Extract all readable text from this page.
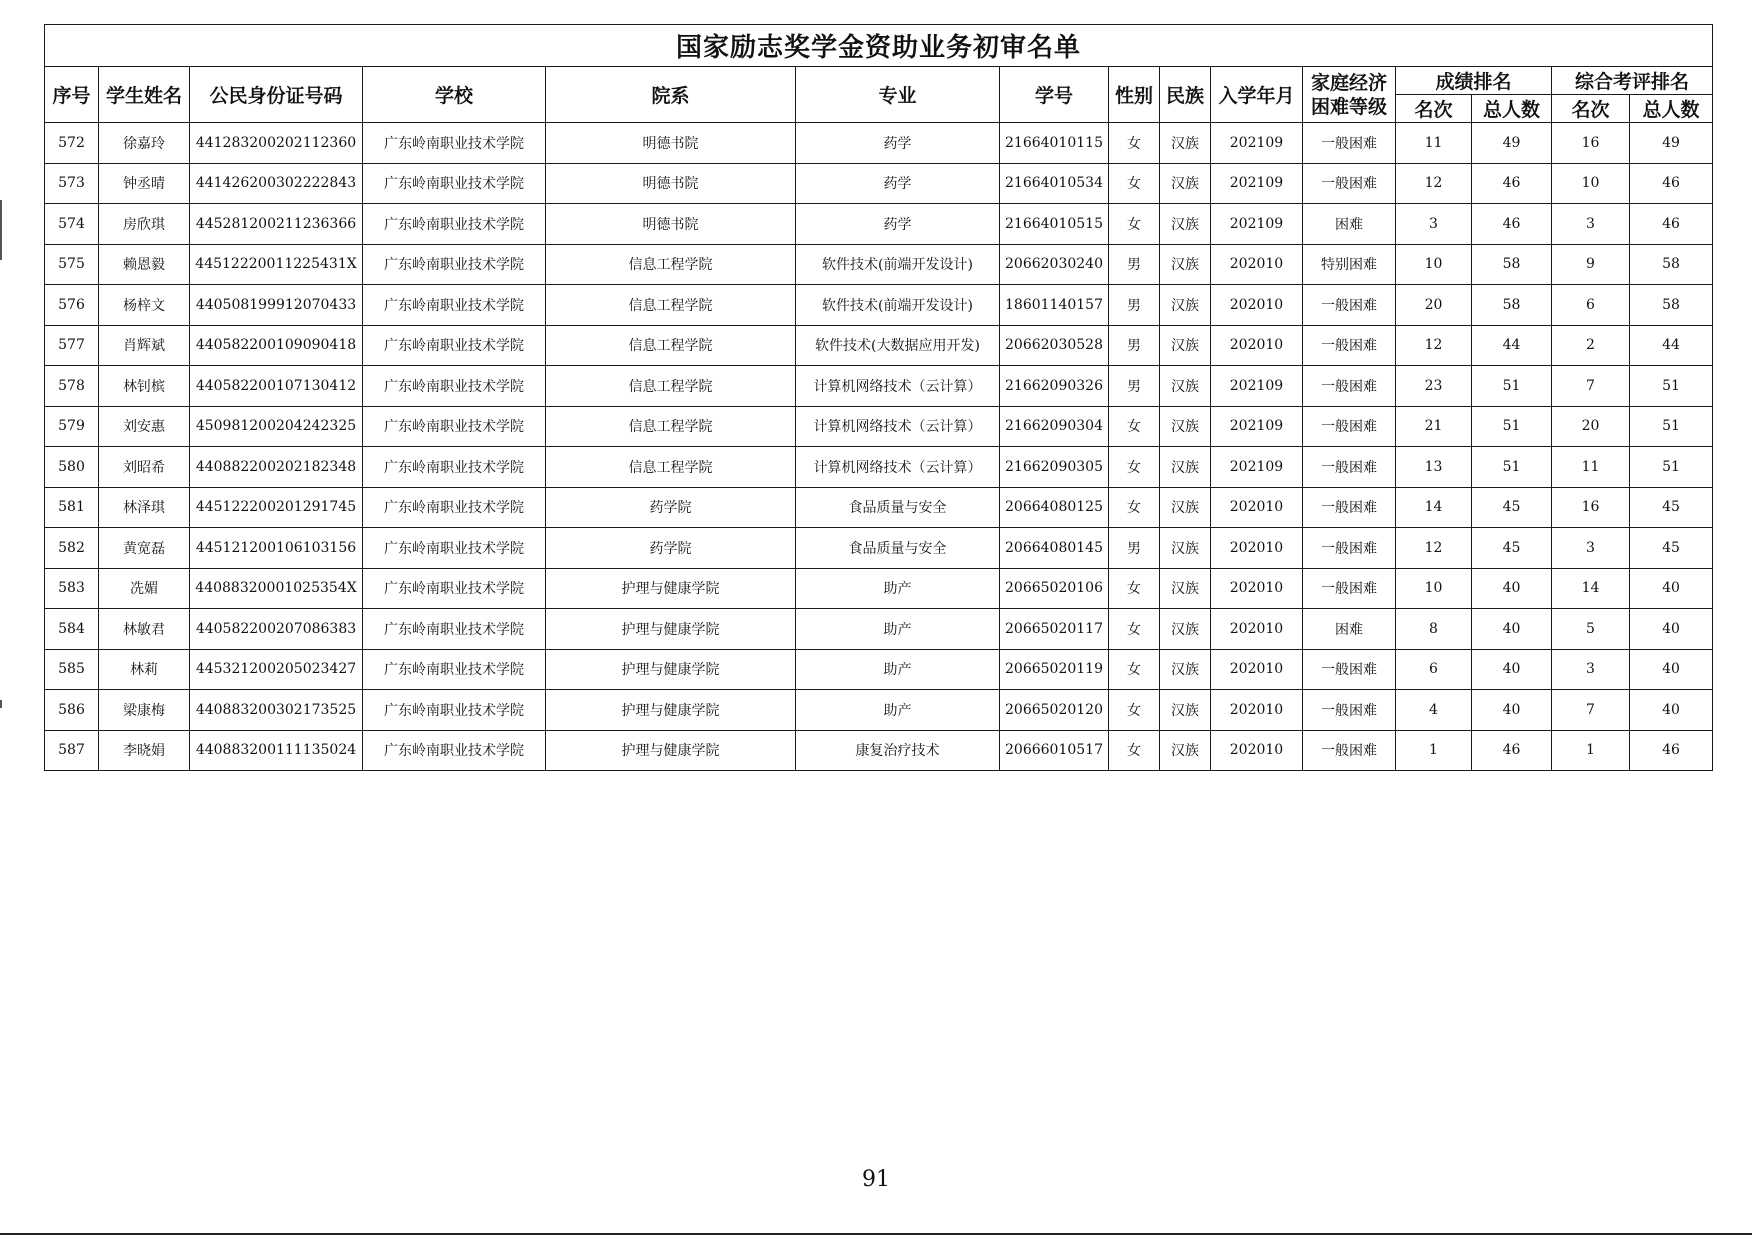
国家励志奖学金资助业务初审名单														
序号	学生姓名	公民身份证号码	学校	院系	专业	学号	性别	民族	入学年月	家庭经济困难等级	成绩排名		综合考评排名	
											名次	总人数	名次	总人数
572	徐嘉玲	441283200202112360	广东岭南职业技术学院	明德书院	药学	21664010115	女	汉族	202109	一般困难	11	49	16	49
573	钟丞晴	441426200302222843	广东岭南职业技术学院	明德书院	药学	21664010534	女	汉族	202109	一般困难	12	46	10	46
574	房欣琪	445281200211236366	广东岭南职业技术学院	明德书院	药学	21664010515	女	汉族	202109	困难	3	46	3	46
575	赖恩毅	44512220011225431X	广东岭南职业技术学院	信息工程学院	软件技术(前端开发设计)	20662030240	男	汉族	202010	特别困难	10	58	9	58
576	杨梓文	440508199912070433	广东岭南职业技术学院	信息工程学院	软件技术(前端开发设计)	18601140157	男	汉族	202010	一般困难	20	58	6	58
577	肖辉斌	440582200109090418	广东岭南职业技术学院	信息工程学院	软件技术(大数据应用开发)	20662030528	男	汉族	202010	一般困难	12	44	2	44
578	林钊槟	440582200107130412	广东岭南职业技术学院	信息工程学院	计算机网络技术（云计算）	21662090326	男	汉族	202109	一般困难	23	51	7	51
579	刘安惠	450981200204242325	广东岭南职业技术学院	信息工程学院	计算机网络技术（云计算）	21662090304	女	汉族	202109	一般困难	21	51	20	51
580	刘昭希	440882200202182348	广东岭南职业技术学院	信息工程学院	计算机网络技术（云计算）	21662090305	女	汉族	202109	一般困难	13	51	11	51
581	林泽琪	445122200201291745	广东岭南职业技术学院	药学院	食品质量与安全	20664080125	女	汉族	202010	一般困难	14	45	16	45
582	黄宽磊	445121200106103156	广东岭南职业技术学院	药学院	食品质量与安全	20664080145	男	汉族	202010	一般困难	12	45	3	45
583	冼媚	44088320001025354X	广东岭南职业技术学院	护理与健康学院	助产	20665020106	女	汉族	202010	一般困难	10	40	14	40
584	林敏君	440582200207086383	广东岭南职业技术学院	护理与健康学院	助产	20665020117	女	汉族	202010	困难	8	40	5	40
585	林莉	445321200205023427	广东岭南职业技术学院	护理与健康学院	助产	20665020119	女	汉族	202010	一般困难	6	40	3	40
586	梁康梅	440883200302173525	广东岭南职业技术学院	护理与健康学院	助产	20665020120	女	汉族	202010	一般困难	4	40	7	40
587	李晓娟	440883200111135024	广东岭南职业技术学院	护理与健康学院	康复治疗技术	20666010517	女	汉族	202010	一般困难	1	46	1	46
91
